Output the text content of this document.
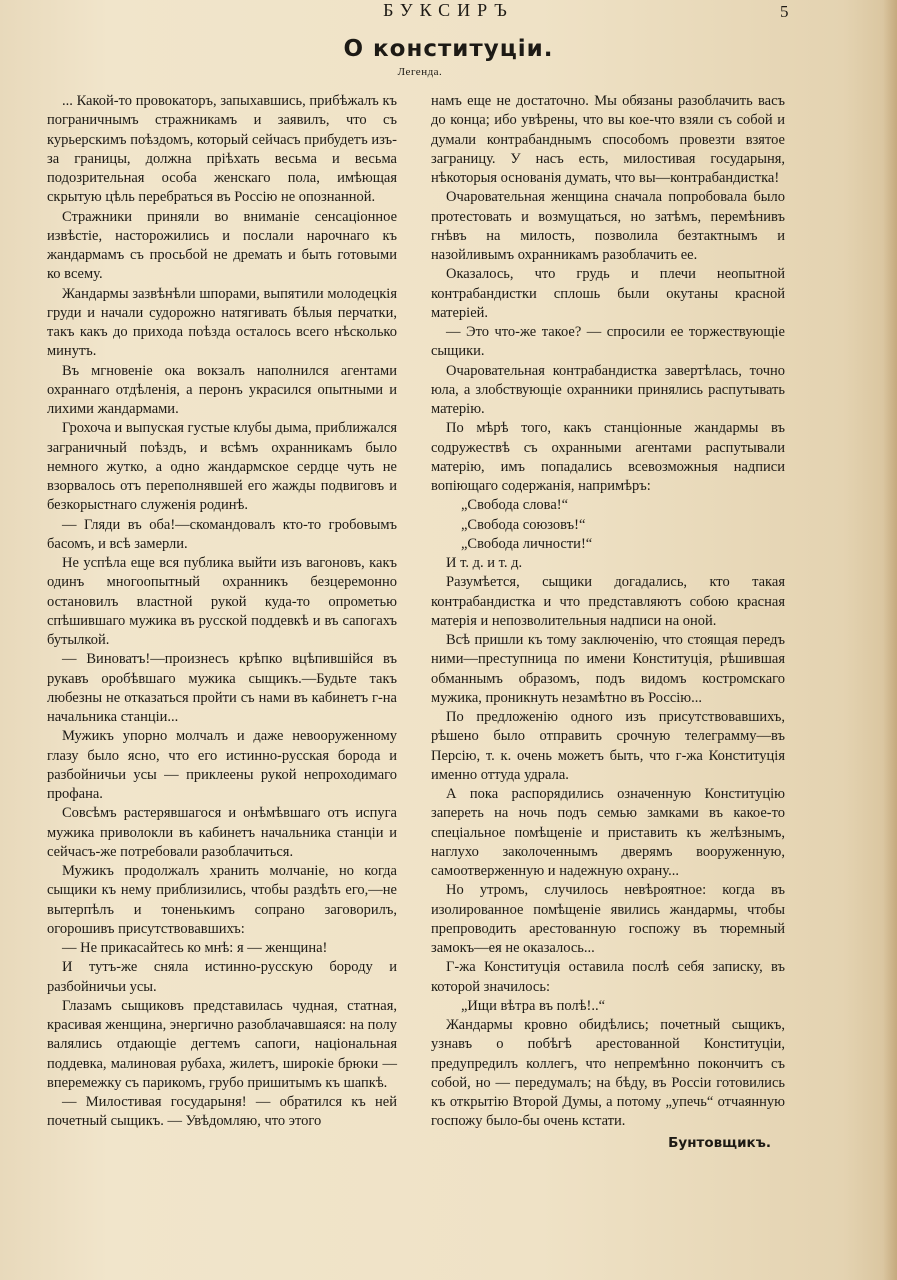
БУКСИРЪ	5
О конституціи.
Легенда.

... Какой-то провокаторъ, запыхавшись, прибѣжалъ къ пограничнымъ стражникамъ и заявилъ, что съ курьерскимъ поѣздомъ, который сейчасъ прибудетъ изъ-за границы, должна пріѣхать весьма и весьма подозрительная особа женскаго пола, имѣющая скрытую цѣль перебраться въ Россію не опознанной.

Стражники приняли во вниманіе сенсаціонное извѣстіе, насторожились и послали нарочнаго къ жандармамъ съ просьбой не дремать и быть готовыми ко всему.

Жандармы зазвѣнѣли шпорами, выпятили молодецкія груди и начали судорожно натягивать бѣлыя перчатки, такъ какъ до прихода поѣзда осталось всего нѣсколько минутъ.

Въ мгновеніе ока вокзалъ наполнился агентами охраннаго отдѣленія, а перонъ украсился опытными и лихими жандармами.

Грохоча и выпуская густые клубы дыма, приближался заграничный поѣздъ, и всѣмъ охранникамъ было немного жутко, а одно жандармское сердце чуть не взорвалось отъ переполнявшей его жажды подвиговъ и безкорыстнаго служенія родинѣ.

— Гляди въ оба!—скомандовалъ кто-то гробовымъ басомъ, и всѣ замерли.

Не успѣла еще вся публика выйти изъ вагоновъ, какъ одинъ многоопытный охранникъ безцеремонно остановилъ властной рукой куда-то опрометью спѣшившаго мужика въ русской поддевкѣ и въ сапогахъ бутылкой.

— Виноватъ!—произнесъ крѣпко вцѣпившійся въ рукавъ оробѣвшаго мужика сыщикъ.—Будьте такъ любезны не отказаться пройти съ нами въ кабинетъ г-на начальника станціи...

Мужикъ упорно молчалъ и даже невооруженному глазу было ясно, что его истинно-русская борода и разбойничьи усы — приклеены рукой непроходимаго профана.

Совсѣмъ растерявшагося и онѣмѣвшаго отъ испуга мужика приволокли въ кабинетъ начальника станціи и сейчасъ-же потребовали разоблачиться.

Мужикъ продолжалъ хранить молчаніе, но когда сыщики къ нему приблизились, чтобы раздѣть его,—не вытерпѣлъ и тоненькимъ сопрано заговорилъ, огорошивъ присутствовавшихъ:

— Не прикасайтесь ко мнѣ: я — женщина!

И тутъ-же сняла истинно-русскую бороду и разбойничьи усы.

Глазамъ сыщиковъ представилась чудная, статная, красивая женщина, энергично разоблачавшаяся: на полу валялись отдающіе дегтемъ сапоги, національная поддевка, малиновая рубаха, жилетъ, широкіе брюки — вперемежку съ парикомъ, грубо пришитымъ къ шапкѣ.

— Милостивая государыня! — обратился къ ней почетный сыщикъ. — Увѣдомляю, что этого

намъ еще не достаточно. Мы обязаны разоблачить васъ до конца; ибо увѣрены, что вы кое-что взяли съ собой и думали контрабанднымъ способомъ провезти взятое заграницу. У насъ есть, милостивая государыня, нѣкоторыя основанія думать, что вы—контрабандистка!

Очаровательная женщина сначала попробовала было протестовать и возмущаться, но затѣмъ, перемѣнивъ гнѣвъ на милость, позволила безтактнымъ и назойливымъ охранникамъ разоблачить ее.

Оказалось, что грудь и плечи неопытной контрабандистки сплошь были окутаны красной матеріей.

— Это что-же такое? — спросили ее торжествующіе сыщики.

Очаровательная контрабандистка завертѣлась, точно юла, а злобствующіе охранники принялись распутывать матерію.

По мѣрѣ того, какъ станціонные жандармы въ содружествѣ съ охранными агентами распутывали матерію, имъ попадались всевозможныя надписи вопіющаго содержанія, напримѣръ:

„Свобода слова!“

„Свобода союзовъ!“

„Свобода личности!“

И т. д. и т. д.

Разумѣется, сыщики догадались, кто такая контрабандистка и что представляютъ собою красная матерія и непозволительныя надписи на оной.

Всѣ пришли къ тому заключенію, что стоящая передъ ними—преступница по имени Конституція, рѣшившая обманнымъ образомъ, подъ видомъ костромскаго мужика, проникнуть незамѣтно въ Россію...

По предложенію одного изъ присутствовавшихъ, рѣшено было отправить срочную телеграмму—въ Персію, т. к. очень можетъ быть, что г-жа Конституція именно оттуда удрала.

А пока распорядились означенную Конституцію запереть на ночь подъ семью замками въ какое-то спеціальное помѣщеніе и приставить къ желѣзнымъ, наглухо заколоченнымъ дверямъ вооруженную, самоотверженную и надежную охрану...

Но утромъ, случилось невѣроятное: когда въ изолированное помѣщеніе явились жандармы, чтобы препроводить арестованную госпожу въ тюремный замокъ—ея не оказалось...

Г-жа Конституція оставила послѣ себя записку, въ которой значилось:

„Ищи вѣтра въ полѣ!..“

Жандармы кровно обидѣлись; почетный сыщикъ, узнавъ о побѣгѣ арестованной Конституціи, предупредилъ коллегъ, что непремѣнно покончитъ съ собой, но — передумалъ; на бѣду, въ Россіи готовились къ открытію Второй Думы, а потому „упечь“ отчаянную госпожу было-бы очень кстати.

Бунтовщикъ.
